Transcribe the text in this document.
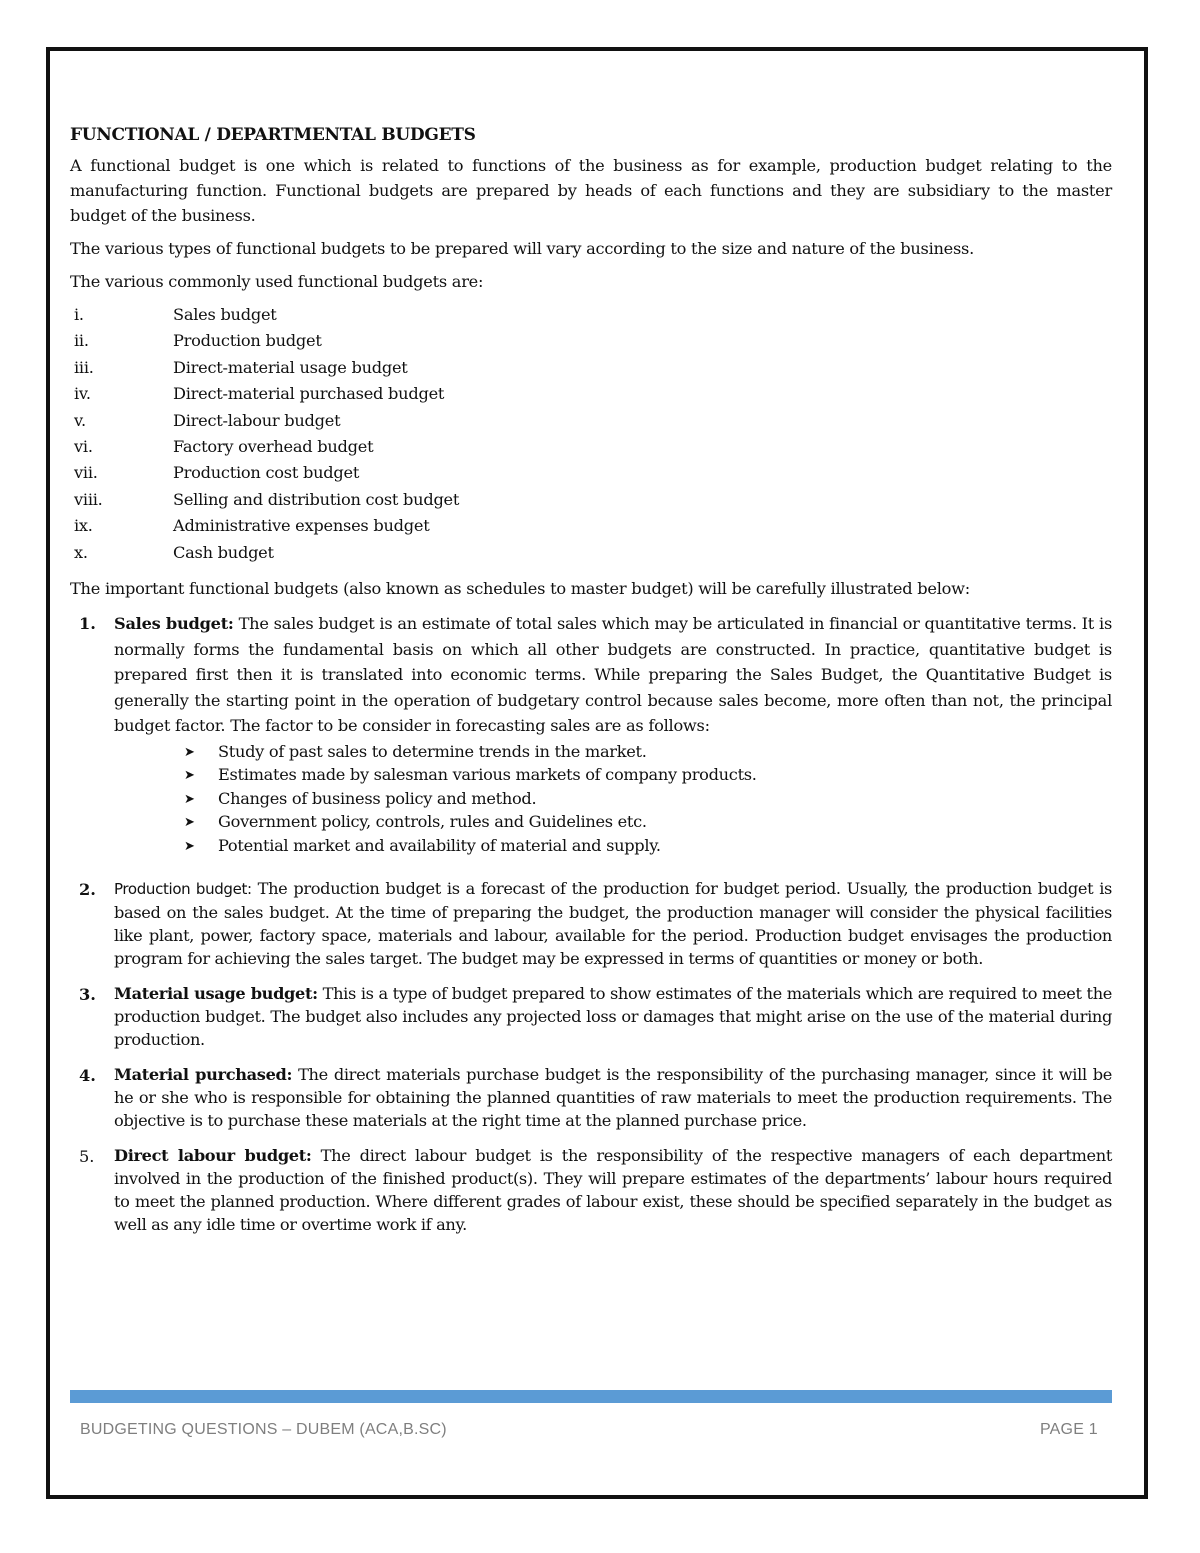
FUNCTIONAL / DEPARTMENTAL BUDGETS

A functional budget is one which is related to functions of the business as for example, production budget relating to the manufacturing function. Functional budgets are prepared by heads of each functions and they are subsidiary to the master budget of the business.

The various types of functional budgets to be prepared will vary according to the size and nature of the business.

The various commonly used functional budgets are:

i.	Sales budget
ii.	Production budget
iii.	Direct-material usage budget
iv.	Direct-material purchased budget
v.	Direct-labour budget
vi.	Factory overhead budget
vii.	Production cost budget
viii.	Selling and distribution cost budget
ix.	Administrative expenses budget
x.	Cash budget

The important functional budgets (also known as schedules to master budget) will be carefully illustrated below:

1.	Sales budget: The sales budget is an estimate of total sales which may be articulated in financial or quantitative terms. It is normally forms the fundamental basis on which all other budgets are constructed. In practice, quantitative budget is prepared first then it is translated into economic terms. While preparing the Sales Budget, the Quantitative Budget is generally the starting point in the operation of budgetary control because sales become, more often than not, the principal budget factor. The factor to be consider in forecasting sales are as follows:
➤	Study of past sales to determine trends in the market.
➤	Estimates made by salesman various markets of company products.
➤	Changes of business policy and method.
➤	Government policy, controls, rules and Guidelines etc.
➤	Potential market and availability of material and supply.
2.	Production budget: The production budget is a forecast of the production for budget period. Usually, the production budget is based on the sales budget. At the time of preparing the budget, the production manager will consider the physical facilities like plant, power, factory space, materials and labour, available for the period. Production budget envisages the production program for achieving the sales target. The budget may be expressed in terms of quantities or money or both.
3.	Material usage budget: This is a type of budget prepared to show estimates of the materials which are required to meet the production budget. The budget also includes any projected loss or damages that might arise on the use of the material during production.
4.	Material purchased: The direct materials purchase budget is the responsibility of the purchasing manager, since it will be he or she who is responsible for obtaining the planned quantities of raw materials to meet the production requirements. The objective is to purchase these materials at the right time at the planned purchase price.
5.	Direct labour budget: The direct labour budget is the responsibility of the respective managers of each department involved in the production of the finished product(s). They will prepare estimates of the departments’ labour hours required to meet the planned production. Where different grades of labour exist, these should be specified separately in the budget as well as any idle time or overtime work if any.
BUDGETING QUESTIONS – DUBEM (ACA,B.SC)	PAGE 1
